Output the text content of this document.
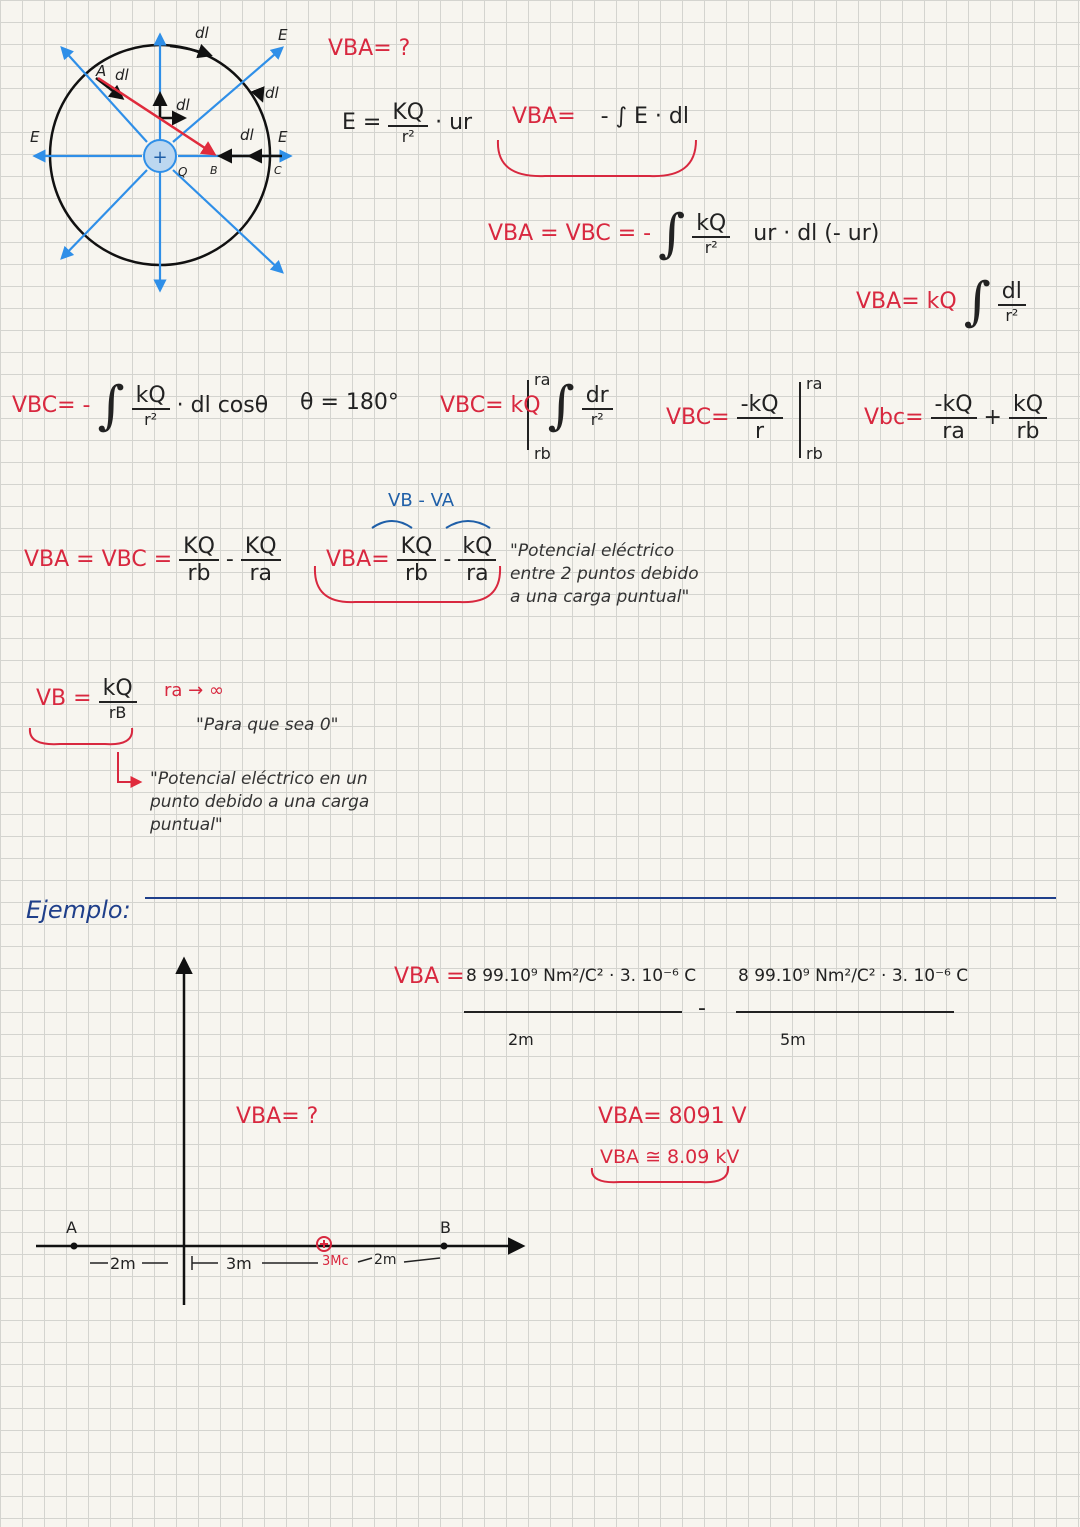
+
dl
dl
dl
dl
dl
E
E
E
A
Q B	C
VBA= ?
$E = \frac{KQ}{\text{r²}}$ · ur VBA= - ∫ E · dl
VBA = VBC = - ∫ $\frac{kQ}{\text{r²}}$ ur · dl (- ur)
VBA= kQ ∫ $\frac{dl}{\text{r²}}$
VBC= - ∫ $\frac{kQ}{\text{r²}}$ · dl cosθ θ = 180° VBC= kQ ∫ $\frac{dr}{\text{r²}}$
ra
rb
$VBC= \frac{-kQ}{r}$
ra
rb
$Vbc= \frac{-kQ}{ra} + \frac{kQ}{rb}$
VBA = VBC = $\frac{KQ}{rb} - \frac{KQ}{ra}$
VB - VA
$VBA= \frac{KQ}{rb} - \frac{kQ}{ra}$ "Potencial eléctrico entre 2 puntos debido a una carga puntual"
VB = $\frac{kQ}{rB}$ ra → ∞
"Para que sea 0"
"Potencial eléctrico en un punto debido a una carga puntual"
Ejemplo:
VBA = 8 99.10⁹ Nm²/C² · 3. 10⁻⁶ C
2m
-
8 99.10⁹ Nm²/C² · 3. 10⁻⁶ C
5m
VBA= ?	VBA= 8091 V
VBA ≅ 8.09 kV
A	B
2m	3m	3Mc 2m
